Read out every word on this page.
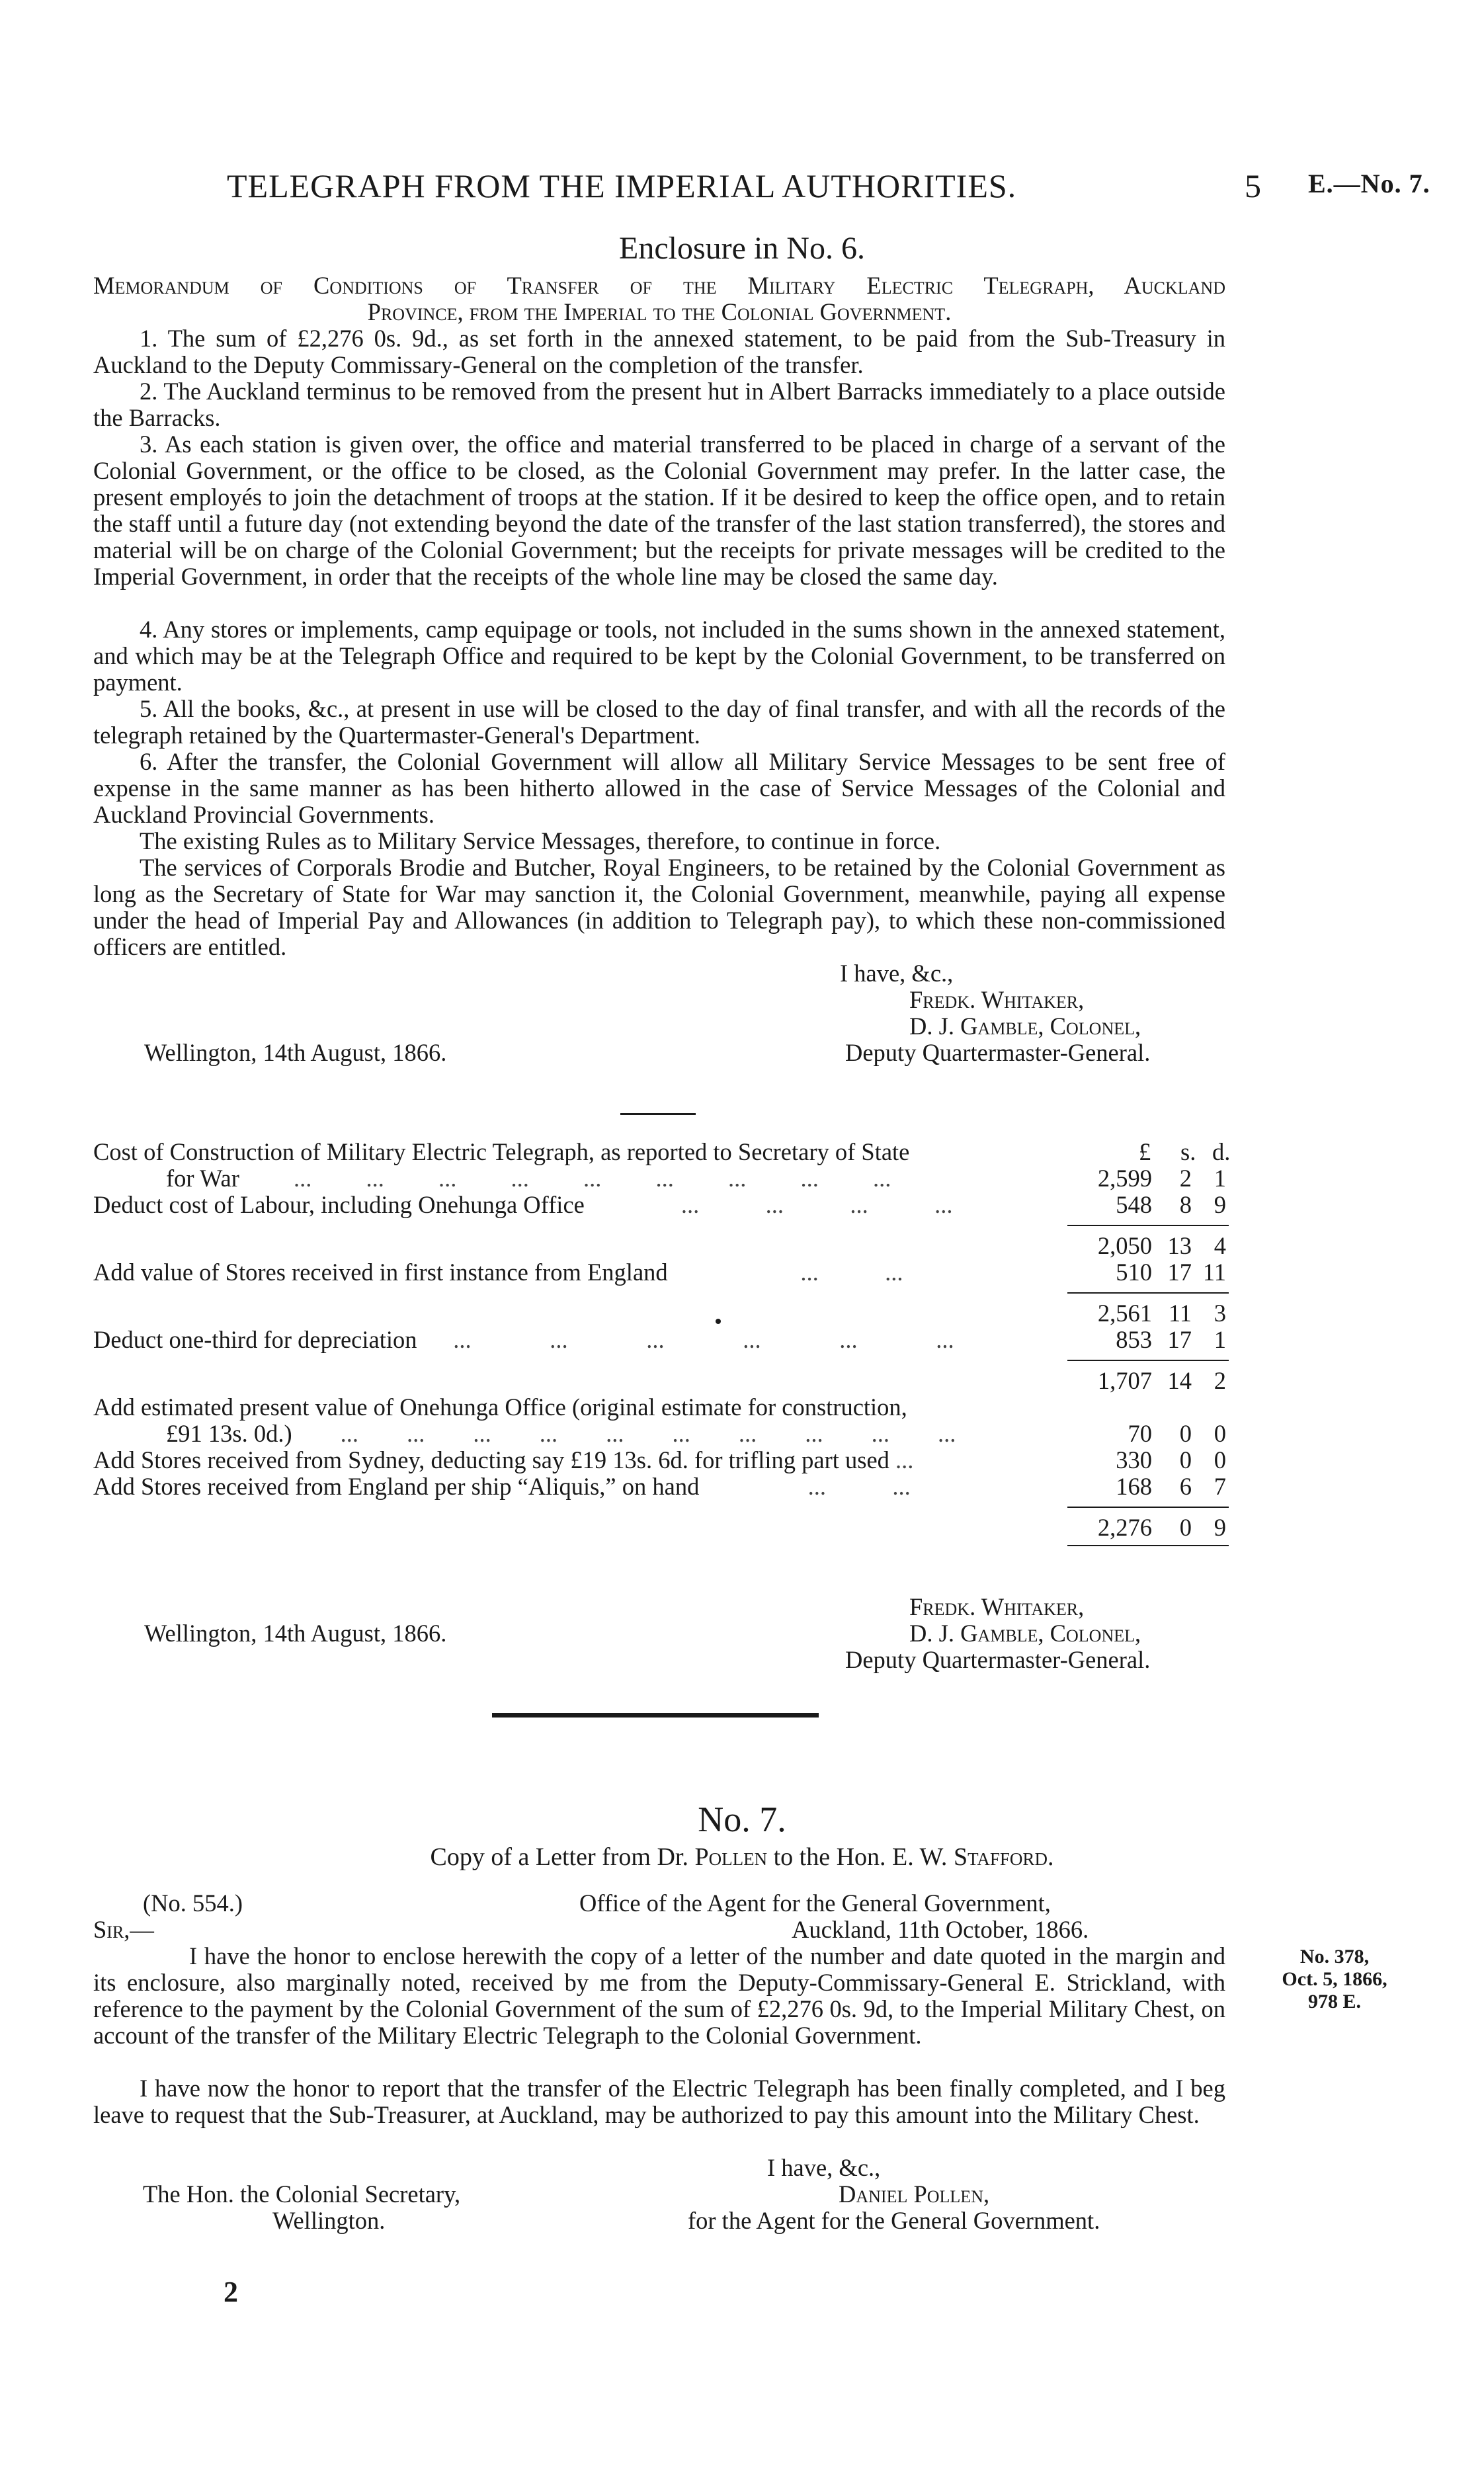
TELEGRAPH FROM THE IMPERIAL AUTHORITIES.	5 E.—No. 7.
Enclosure in No. 6.
Memorandum of Conditions of Transfer of the Military Electric Telegraph, Auckland
Province, from the Imperial to the Colonial Government.
1. The sum of £2,276 0s. 9d., as set forth in the annexed statement, to be paid from the Sub-Treasury in Auckland to the Deputy Commissary-General on the completion of the transfer.
2. The Auckland terminus to be removed from the present hut in Albert Barracks immediately to a place outside the Barracks.
3. As each station is given over, the office and material transferred to be placed in charge of a servant of the Colonial Government, or the office to be closed, as the Colonial Government may prefer. In the latter case, the present employés to join the detachment of troops at the station. If it be desired to keep the office open, and to retain the staff until a future day (not extending beyond the date of the transfer of the last station transferred), the stores and material will be on charge of the Colonial Government; but the receipts for private messages will be credited to the Imperial Government, in order that the receipts of the whole line may be closed the same day.
4. Any stores or implements, camp equipage or tools, not included in the sums shown in the annexed statement, and which may be at the Telegraph Office and required to be kept by the Colonial Government, to be transferred on payment.
5. All the books, &c., at present in use will be closed to the day of final transfer, and with all the records of the telegraph retained by the Quartermaster-General's Department.
6. After the transfer, the Colonial Government will allow all Military Service Messages to be sent free of expense in the same manner as has been hitherto allowed in the case of Service Messages of the Colonial and Auckland Provincial Governments.
The existing Rules as to Military Service Messages, therefore, to continue in force.
The services of Corporals Brodie and Butcher, Royal Engineers, to be retained by the Colonial Government as long as the Secretary of State for War may sanction it, the Colonial Government, meanwhile, paying all expense under the head of Imperial Pay and Allowances (in addition to Telegraph pay), to which these non-commissioned officers are entitled.
I have, &c.,
Fredk. Whitaker,
D. J. Gamble, Colonel,
Deputy Quartermaster-General.
Wellington, 14th August, 1866.
£ s. d.
Cost of Construction of Military Electric Telegraph, as reported to Secretary of State
for War         ...         ...         ...         ...         ...         ...         ...         ...         ...	2,599	2 1
Deduct cost of Labour, including Onehunga Office                ...           ...           ...           ...	548	8 9
2,050 13 4
Add value of Stores received in first instance from England                      ...           ...	510 17 11
2,561 11 3
Deduct one-third for depreciation      ...             ...             ...             ...             ...             ...	853 17 1
1,707 14 2
Add estimated present value of Onehunga Office (original estimate for construction,
£91 13s. 0d.)        ...        ...        ...        ...        ...        ...        ...        ...        ...        ...	70	0 0
Add Stores received from Sydney, deducting say £19 13s. 6d. for trifling part used ...	330	0 0
Add Stores received from England per ship “Aliquis,” on hand                  ...           ...	168	6 7
2,276	0 9
Fredk. Whitaker,
D. J. Gamble, Colonel,
Deputy Quartermaster-General.
Wellington, 14th August, 1866.
No. 7.
Copy of a Letter from Dr. Pollen to the Hon. E. W. Stafford.
(No. 554.)	Office of the Agent for the General Government,
Sir,—	Auckland, 11th October, 1866.
I have the honor to enclose herewith the copy of a letter of the number and date quoted in the margin and its enclosure, also marginally noted, received by me from the Deputy-Commissary-General E. Strickland, with reference to the payment by the Colonial Government of the sum of £2,276 0s. 9d, to the Imperial Military Chest, on account of the transfer of the Military Electric Telegraph to the Colonial Government.
I have now the honor to report that the transfer of the Electric Telegraph has been finally completed, and I beg leave to request that the Sub-Treasurer, at Auckland, may be authorized to pay this amount into the Military Chest.
I have, &c.,
Daniel Pollen,
for the Agent for the General Government.
The Hon. the Colonial Secretary,
Wellington.
No. 378,
Oct. 5, 1866,
978 E.
2
